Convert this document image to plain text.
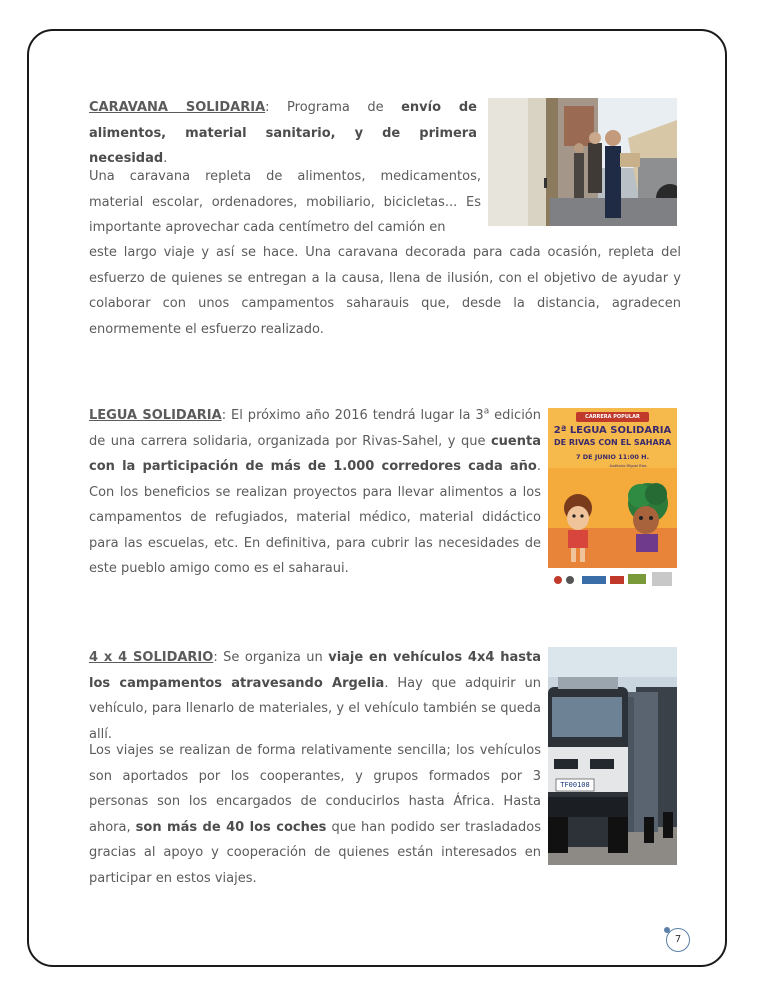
CARAVANA SOLIDARIA: Programa de envío de alimentos, material sanitario, y de primera necesidad.
Una caravana repleta de alimentos, medicamentos, material escolar, ordenadores, mobiliario, bicicletas... Es importante aprovechar cada centímetro del camión en
este largo viaje y así se hace. Una caravana decorada para cada ocasión, repleta del esfuerzo de quienes se entregan a la causa, llena de ilusión, con el objetivo de ayudar y colaborar con unos campamentos saharauis que, desde la distancia, agradecen enormemente el esfuerzo realizado.
LEGUA SOLIDARIA: El próximo año 2016 tendrá lugar la 3$^a$ edición de una carrera solidaria, organizada por Rivas-Sahel, y que cuenta con la participación de más de 1.000 corredores cada año. Con los beneficios se realizan proyectos para llevar alimentos a los campamentos de refugiados, material médico, material didáctico para las escuelas, etc. En definitiva, para cubrir las necesidades de este pueblo amigo como es el saharaui.
CARRERA POPULAR
2ª LEGUA SOLIDARIA
DE RIVAS CON EL SAHARA
7 DE JUNIO 11:00 H.
Auditorio Miguel Ríos
4 x 4 SOLIDARIO: Se organiza un viaje en vehículos 4x4 hasta los campamentos atravesando Argelia. Hay que adquirir un vehículo, para llenarlo de materiales, y el vehículo también se queda allí.
Los viajes se realizan de forma relativamente sencilla; los vehículos son aportados por los cooperantes, y grupos formados por 3 personas son los encargados de conducirlos hasta África. Hasta ahora, son más de 40 los coches que han podido ser trasladados gracias al apoyo y cooperación de quienes están interesados en participar en estos viajes.
TF00108
7
